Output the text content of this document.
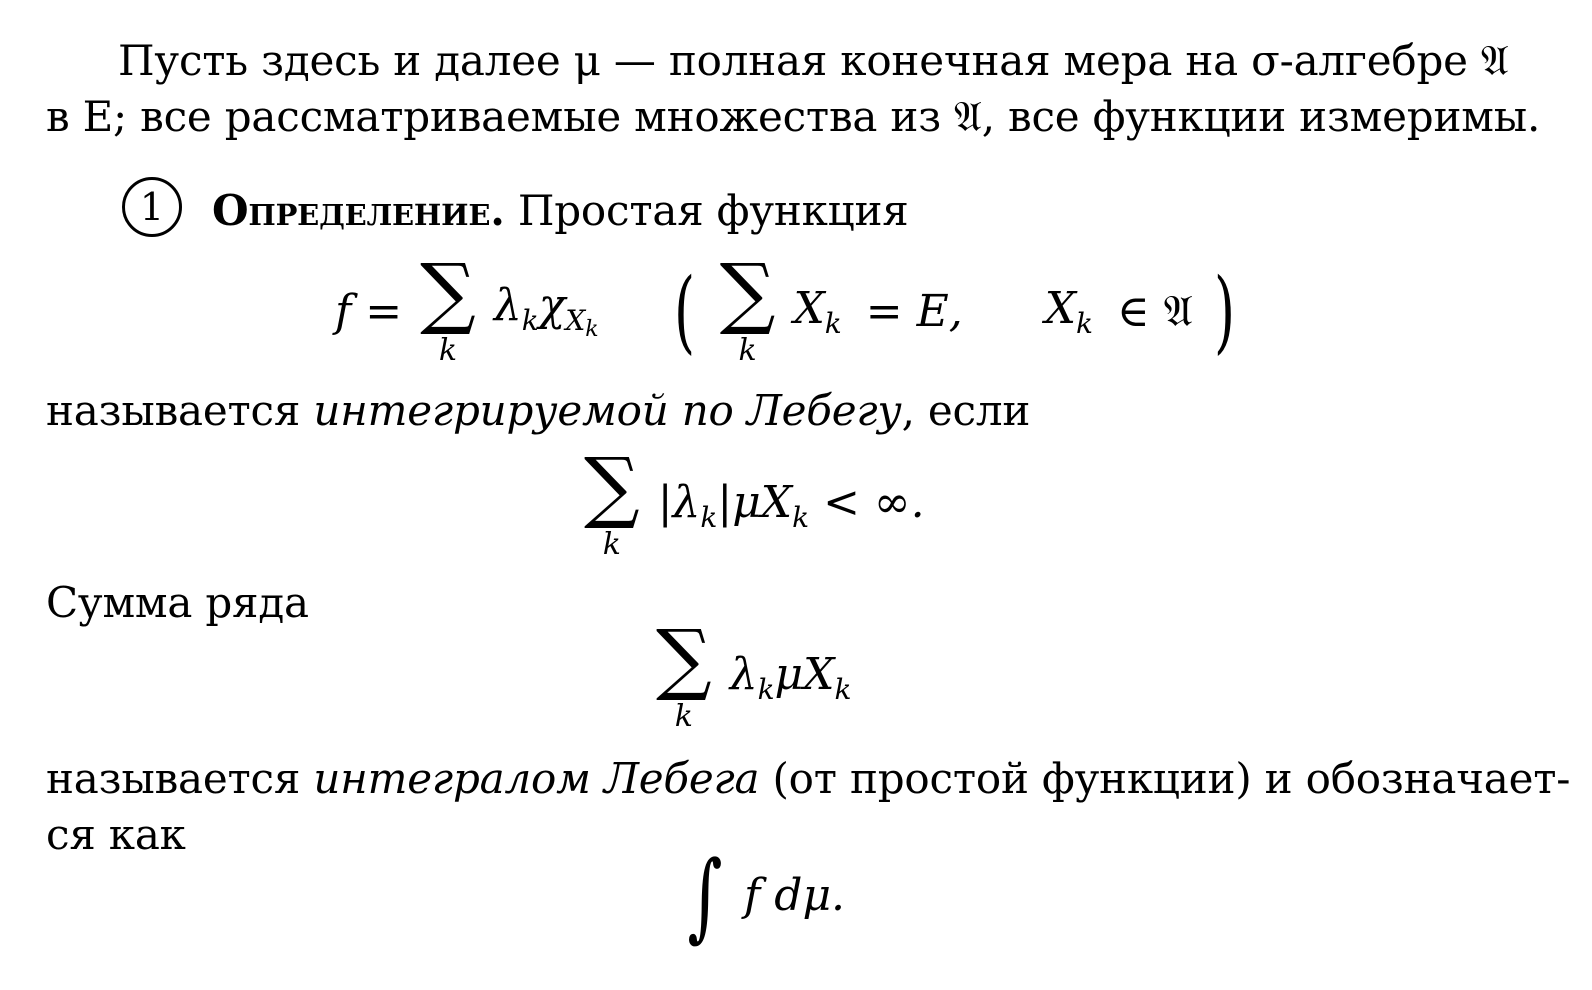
Пусть здесь и далее μ — полная конечная мера на σ-алгебре 𝔄
в E; все рассматриваемые множества из 𝔄, все функции измеримы.
1	Определение. Простая функция
f = ∑
k
$\lambda_k\chi_{X_k}$ ( ∑
k
$X_k = E$, $X_k$ ∈ 𝔄 )
называется интегрируемой по Лебегу, если
∑
k
$|\lambda_k|\mu X_k$ < ∞.
Сумма ряда
∑
k
$\lambda_k\mu X_k$
называется интегралом Лебега (от простой функции) и обозначает-
ся как
∫ f dμ.
